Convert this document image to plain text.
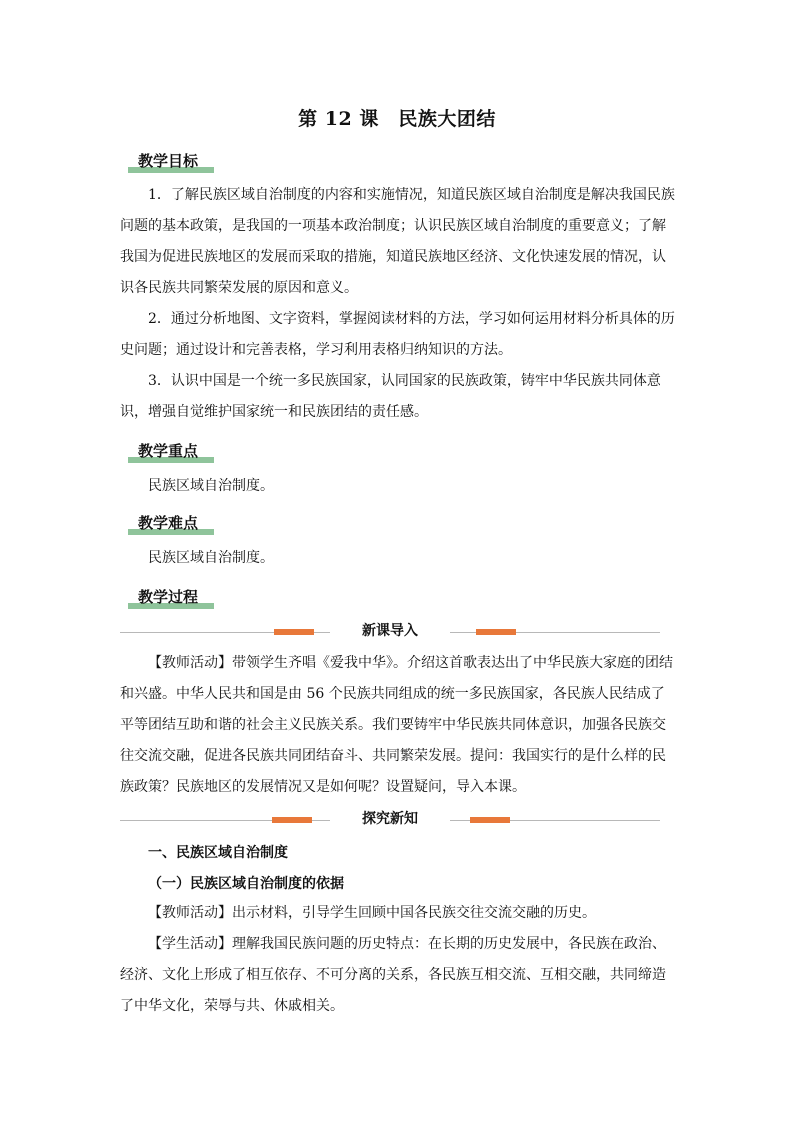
第 12 课　民族大团结
教学目标

1．了解民族区域自治制度的内容和实施情况，知道民族区域自治制度是解决我国民族问题的基本政策，是我国的一项基本政治制度；认识民族区域自治制度的重要意义；了解我国为促进民族地区的发展而采取的措施，知道民族地区经济、文化快速发展的情况，认识各民族共同繁荣发展的原因和意义。

2．通过分析地图、文字资料，掌握阅读材料的方法，学习如何运用材料分析具体的历史问题；通过设计和完善表格，学习利用表格归纳知识的方法。

3．认识中国是一个统一多民族国家，认同国家的民族政策，铸牢中华民族共同体意识，增强自觉维护国家统一和民族团结的责任感。

教学重点
民族区域自治制度。
教学难点
民族区域自治制度。
教学过程
新课导入

【教师活动】带领学生齐唱《爱我中华》。介绍这首歌表达出了中华民族大家庭的团结和兴盛。中华人民共和国是由 56 个民族共同组成的统一多民族国家，各民族人民结成了平等团结互助和谐的社会主义民族关系。我们要铸牢中华民族共同体意识，加强各民族交往交流交融，促进各民族共同团结奋斗、共同繁荣发展。提问：我国实行的是什么样的民族政策？民族地区的发展情况又是如何呢？设置疑问，导入本课。

探究新知
一、民族区域自治制度
（一）民族区域自治制度的依据

【教师活动】出示材料，引导学生回顾中国各民族交往交流交融的历史。

【学生活动】理解我国民族问题的历史特点：在长期的历史发展中，各民族在政治、经济、文化上形成了相互依存、不可分离的关系，各民族互相交流、互相交融，共同缔造了中华文化，荣辱与共、休戚相关。
